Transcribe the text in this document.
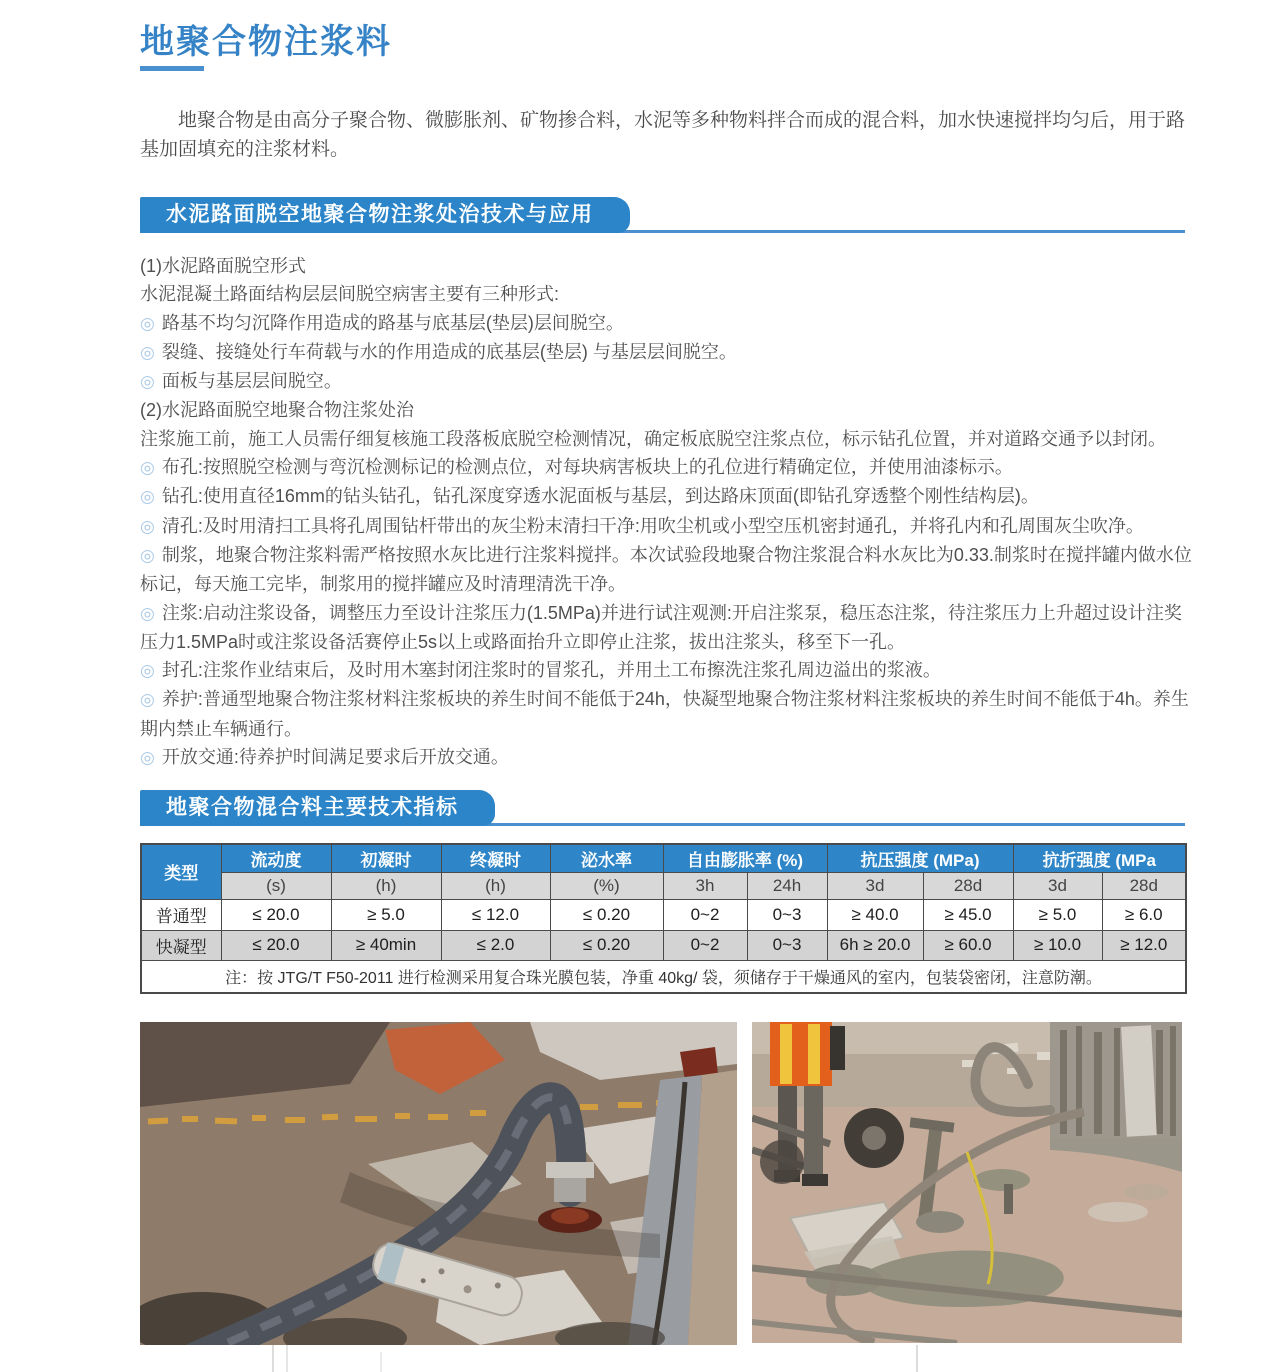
地聚合物注浆料

地聚合物是由高分子聚合物、微膨胀剂、矿物掺合料，水泥等多种物料拌合而成的混合料，加水快速搅拌均匀后，用于路基加固填充的注浆材料。

水泥路面脱空地聚合物注浆处治技术与应用
(1)水泥路面脱空形式
水泥混凝土路面结构层层间脱空病害主要有三种形式:
◎ 路基不均匀沉降作用造成的路基与底基层(垫层)层间脱空。
◎ 裂缝、接缝处行车荷载与水的作用造成的底基层(垫层) 与基层层间脱空。
◎ 面板与基层层间脱空。
(2)水泥路面脱空地聚合物注浆处治
注浆施工前，施工人员需仔细复核施工段落板底脱空检测情况，确定板底脱空注浆点位，标示钻孔位置，并对道路交通予以封闭。
◎ 布孔:按照脱空检测与弯沉检测标记的检测点位，对每块病害板块上的孔位进行精确定位，并使用油漆标示。
◎ 钻孔:使用直径16mm的钻头钻孔，钻孔深度穿透水泥面板与基层，到达路床顶面(即钻孔穿透整个刚性结构层)。
◎ 清孔:及时用清扫工具将孔周围钻杆带出的灰尘粉末清扫干净:用吹尘机或小型空压机密封通孔，并将孔内和孔周围灰尘吹净。
◎ 制浆，地聚合物注浆料需严格按照水灰比进行注浆料搅拌。本次试验段地聚合物注浆混合料水灰比为0.33.制浆时在搅拌罐内做水位标记，每天施工完毕，制浆用的搅拌罐应及时清理清洗干净。
◎ 注浆:启动注浆设备，调整压力至设计注浆压力(1.5MPa)并进行试注观测:开启注浆泵，稳压态注浆，待注浆压力上升超过设计注奖压力1.5MPa时或注浆设备活赛停止5s以上或路面抬升立即停止注浆，拔出注浆头，移至下一孔。
◎ 封孔:注浆作业结束后，及时用木塞封闭注浆时的冒浆孔，并用土工布擦洗注浆孔周边溢出的浆液。
◎ 养护:普通型地聚合物注浆材料注浆板块的养生时间不能低于24h，快凝型地聚合物注浆材料注浆板块的养生时间不能低于4h。养生期内禁止车辆通行。
◎ 开放交通:待养护时间满足要求后开放交通。
地聚合物混合料主要技术指标
类型	流动度	初凝时	终凝时	泌水率	自由膨胀率 (%)		抗压强度 (MPa)		抗折强度 (MPa	
	(s)	(h)	(h)	(%)	3h	24h	3d	28d	3d	28d
普通型	≤ 20.0	≥ 5.0	≤ 12.0	≤ 0.20	0~2	0~3	≥ 40.0	≥ 45.0	≥ 5.0	≥ 6.0
快凝型	≤ 20.0	≥ 40min	≤ 2.0	≤ 0.20	0~2	0~3	6h ≥ 20.0	≥ 60.0	≥ 10.0	≥ 12.0
注：按 JTG/T F50-2011 进行检测采用复合珠光膜包装，净重 40kg/ 袋，须储存于干燥通风的室内，包装袋密闭，注意防潮。										
